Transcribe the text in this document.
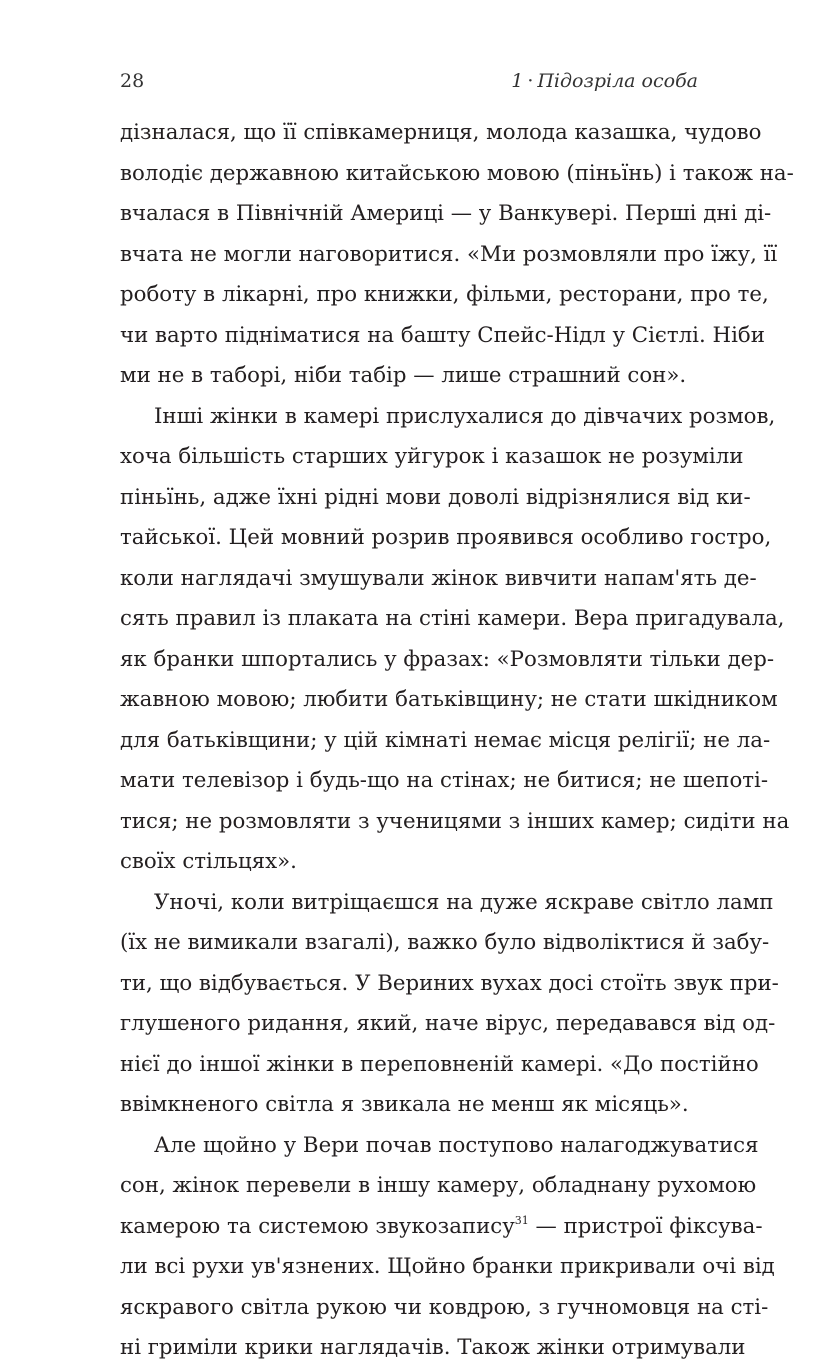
28	1 · Підозріла особа
дізналася, що її співкамерниця, молода казашка, чудово
володіє державною китайською мовою (піньїнь) і також на-
вчалася в Північній Америці — у Ванкувері. Перші дні ді-
вчата не могли наговоритися. «Ми розмовляли про їжу, її
роботу в лікарні, про книжки, фільми, ресторани, про те,
чи варто підніматися на башту Спейс-Нідл у Сієтлі. Ніби
ми не в таборі, ніби табір — лише страшний сон».
Інші жінки в камері прислухалися до дівчачих розмов,
хоча більшість старших уйгурок і казашок не розуміли
піньїнь, адже їхні рідні мови доволі відрізнялися від ки-
тайської. Цей мовний розрив проявився особливо гостро,
коли наглядачі змушували жінок вивчити напам'ять де-
сять правил із плаката на стіні камери. Вера пригадувала,
як бранки шпортались у фразах: «Розмовляти тільки дер-
жавною мовою; любити батьківщину; не стати шкідником
для батьківщини; у цій кімнаті немає місця релігії; не ла-
мати телевізор і будь-що на стінах; не битися; не шепоті-
тися; не розмовляти з ученицями з інших камер; сидіти на
своїх стільцях».
Уночі, коли витріщаєшся на дуже яскраве світло ламп
(їх не вимикали взагалі), важко було відволіктися й забу-
ти, що відбувається. У Вериних вухах досі стоїть звук при-
глушеного ридання, який, наче вірус, передавався від од-
нієї до іншої жінки в переповненій камері. «До постійно
ввімкненого світла я звикала не менш як місяць».
Але щойно у Вери почав поступово налагоджуватися
сон, жінок перевели в іншу камеру, обладнану рухомою
камерою та системою звукозапису$^{31}$ — пристрої фіксува-
ли всі рухи ув'язнених. Щойно бранки прикривали очі від
яскравого світла рукою чи ковдрою, з гучномовця на сті-
ні гриміли крики наглядачів. Також жінки отримували
